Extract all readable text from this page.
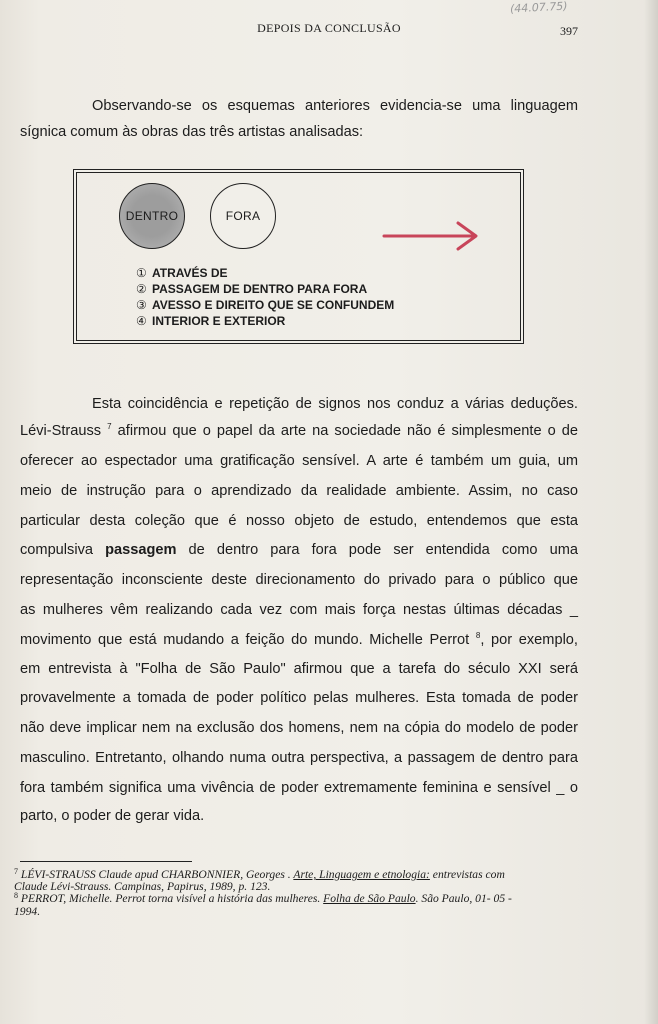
(44.07.75)
DEPOIS DA CONCLUSÃO	397
Observando-se os esquemas anteriores evidencia-se uma linguagem
sígnica comum às obras das três artistas analisadas:
DENTRO	FORA
① ATRAVÉS DE
② PASSAGEM DE DENTRO PARA FORA
③ AVESSO E DIREITO QUE SE CONFUNDEM
④ INTERIOR E EXTERIOR
Esta coincidência e repetição de signos nos conduz a várias deduções.
Lévi-Strauss $^7$ afirmou que o papel da arte na sociedade não é simplesmente o de
oferecer ao espectador uma gratificação sensível. A arte é também um guia, um
meio de instrução para o aprendizado da realidade ambiente. Assim, no caso
particular desta coleção que é nosso objeto de estudo, entendemos que esta
compulsiva passagem de dentro para fora pode ser entendida como uma
representação inconsciente deste direcionamento do privado para o público que
as mulheres vêm realizando cada vez com mais força nestas últimas décadas _
movimento que está mudando a feição do mundo. Michelle Perrot $^8$, por exemplo,
em entrevista à "Folha de São Paulo" afirmou que a tarefa do século XXI será
provavelmente a tomada de poder político pelas mulheres. Esta tomada de poder
não deve implicar nem na exclusão dos homens, nem na cópia do modelo de poder
masculino. Entretanto, olhando numa outra perspectiva, a passagem de dentro para
fora também significa uma vivência de poder extremamente feminina e sensível _ o
parto, o poder de gerar vida.
$^7$ LÉVI-STRAUSS Claude apud CHARBONNIER, Georges . Arte, Linguagem e etnologia: entrevistas com
Claude Lévi-Strauss. Campinas, Papirus, 1989, p. 123.
$^8$ PERROT, Michelle. Perrot torna visível a história das mulheres. Folha de São Paulo. São Paulo, 01- 05 -
1994.
